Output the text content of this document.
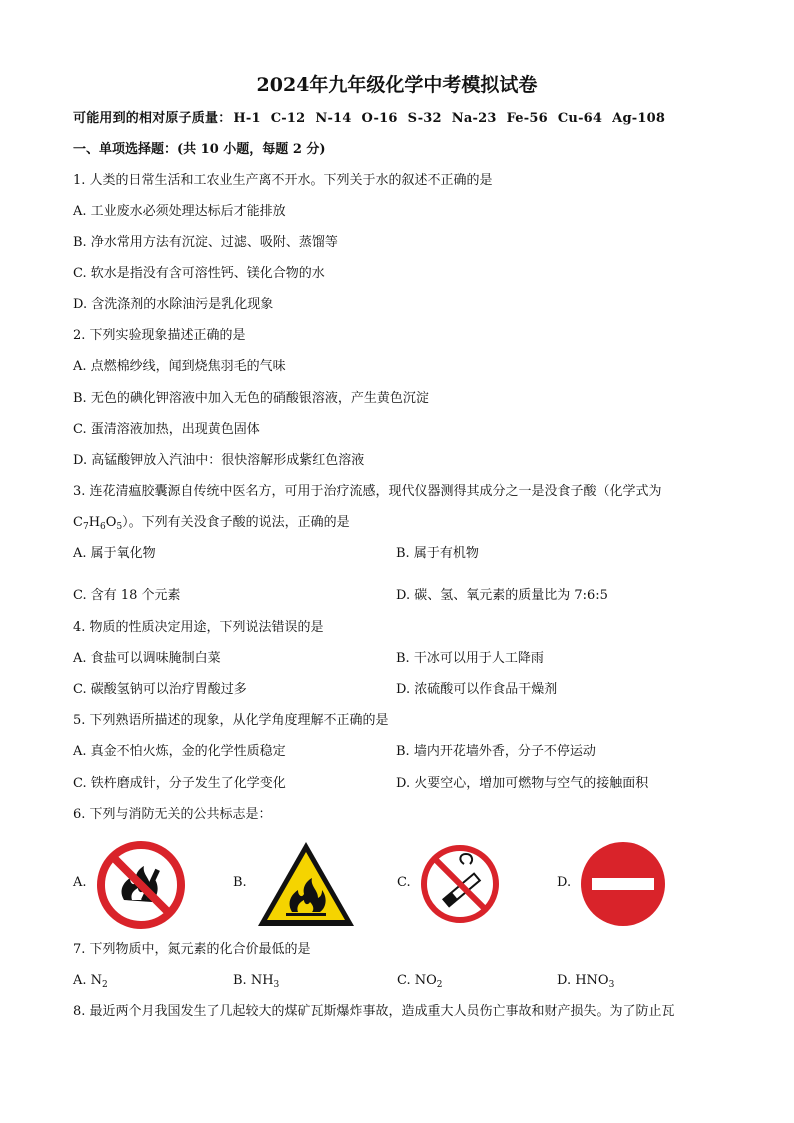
2024年九年级化学中考模拟试卷
可能用到的相对原子质量： H-1 C-12 N-14 O-16 S-32 Na-23 Fe-56 Cu-64 Ag-108
一、单项选择题：(共 10 小题，每题 2 分)
1. 人类的日常生活和工农业生产离不开水。下列关于水的叙述不正确的是
A. 工业废水必须处理达标后才能排放
B. 净水常用方法有沉淀、过滤、吸附、蒸馏等
C. 软水是指没有含可溶性钙、镁化合物的水
D. 含洗涤剂的水除油污是乳化现象
2. 下列实验现象描述正确的是
A. 点燃棉纱线，闻到烧焦羽毛的气味
B. 无色的碘化钾溶液中加入无色的硝酸银溶液，产生黄色沉淀
C. 蛋清溶液加热，出现黄色固体
D. 高锰酸钾放入汽油中：很快溶解形成紫红色溶液
3. 连花清瘟胶囊源自传统中医名方，可用于治疗流感，现代仪器测得其成分之一是没食子酸（化学式为
$C_7H_6O_5$）。下列有关没食子酸的说法，正确的是
A. 属于氧化物	B. 属于有机物
C. 含有 18 个元素	D. 碳、氢、氧元素的质量比为 7:6:5
4. 物质的性质决定用途，下列说法错误的是
A. 食盐可以调味腌制白菜	B. 干冰可以用于人工降雨
C. 碳酸氢钠可以治疗胃酸过多	D. 浓硫酸可以作食品干燥剂
5. 下列熟语所描述的现象，从化学角度理解不正确的是
A. 真金不怕火炼，金的化学性质稳定	B. 墙内开花墙外香，分子不停运动
C. 铁杵磨成针，分子发生了化学变化	D. 火要空心，增加可燃物与空气的接触面积
6. 下列与消防无关的公共标志是：
A.	B.	C.	D.
7. 下列物质中，氮元素的化合价最低的是
A. $N_2$	B. $NH_3$	C. $NO_2$	D. $HNO_3$
8. 最近两个月我国发生了几起较大的煤矿瓦斯爆炸事故，造成重大人员伤亡事故和财产损失。为了防止瓦
